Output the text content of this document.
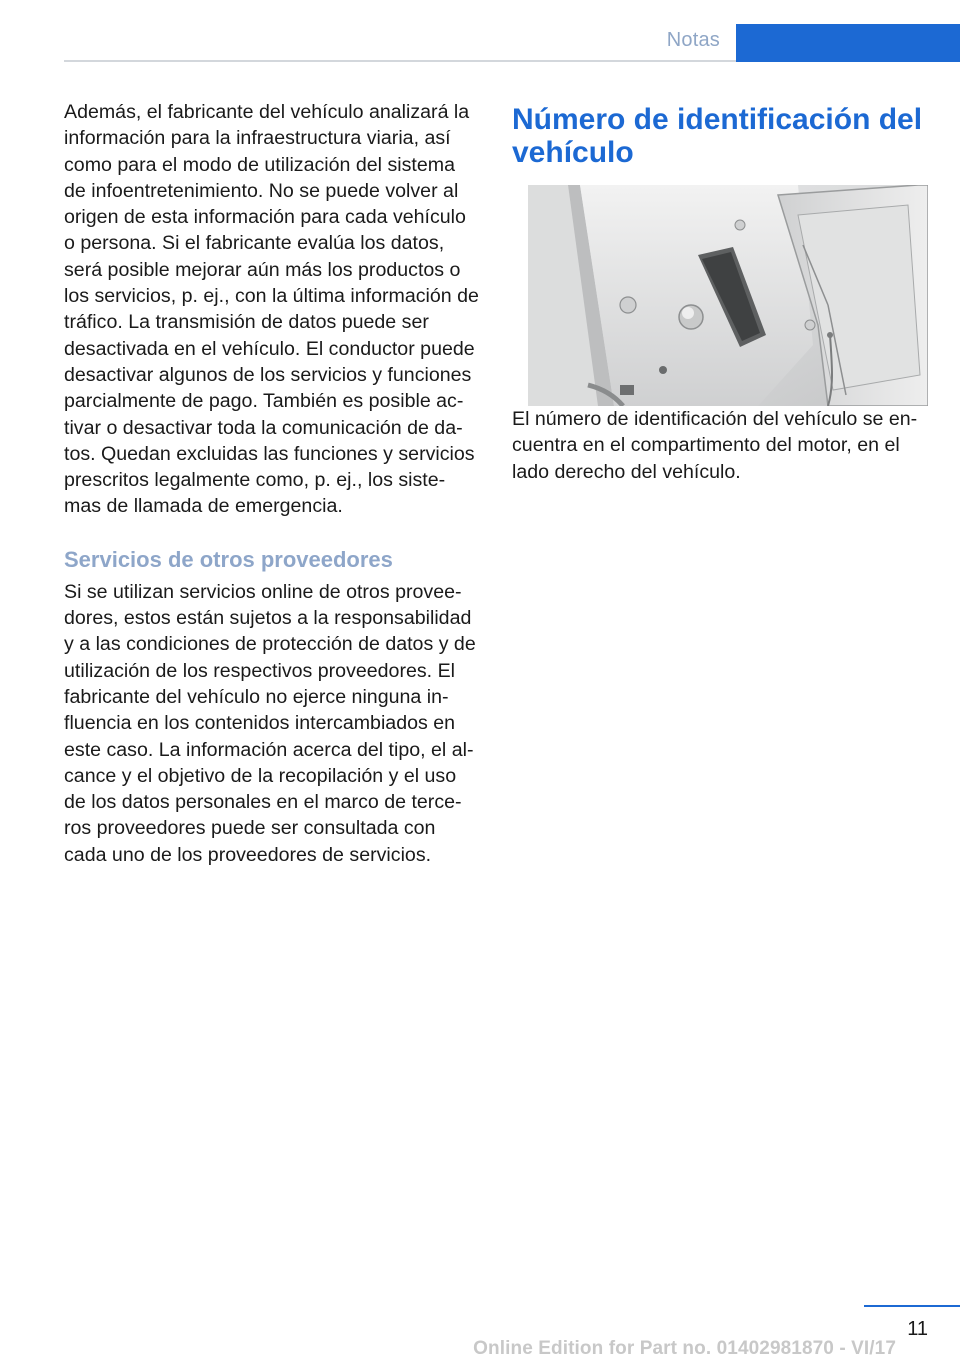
Notas

Además, el fabricante del vehículo analizará la información para la infraestructura viaria, así como para el modo de utilización del sistema de infoentretenimiento. No se puede volver al origen de esta información para cada vehículo o persona. Si el fabricante evalúa los datos, será posible mejorar aún más los productos o los servicios, p. ej., con la última información de tráfico. La transmisión de datos puede ser desactivada en el vehículo. El conductor puede desactivar algunos de los servicios y funciones parcialmente de pago. También es posible ac‐ tivar o desactivar toda la comunicación de da‐ tos. Quedan excluidas las funciones y servicios prescritos legalmente como, p. ej., los siste‐ mas de llamada de emergencia.

Servicios de otros proveedores

Si se utilizan servicios online de otros provee‐ dores, estos están sujetos a la responsabilidad y a las condiciones de protección de datos y de utilización de los respectivos proveedores. El fabricante del vehículo no ejerce ninguna in‐ fluencia en los contenidos intercambiados en este caso. La información acerca del tipo, el al‐ cance y el objetivo de la recopilación y el uso de los datos personales en el marco de terce‐ ros proveedores puede ser consultada con cada uno de los proveedores de servicios.

Número de identificación del vehículo

El número de identificación del vehículo se en‐ cuentra en el compartimento del motor, en el lado derecho del vehículo.

11
Online Edition for Part no. 01402981870 - VI/17
